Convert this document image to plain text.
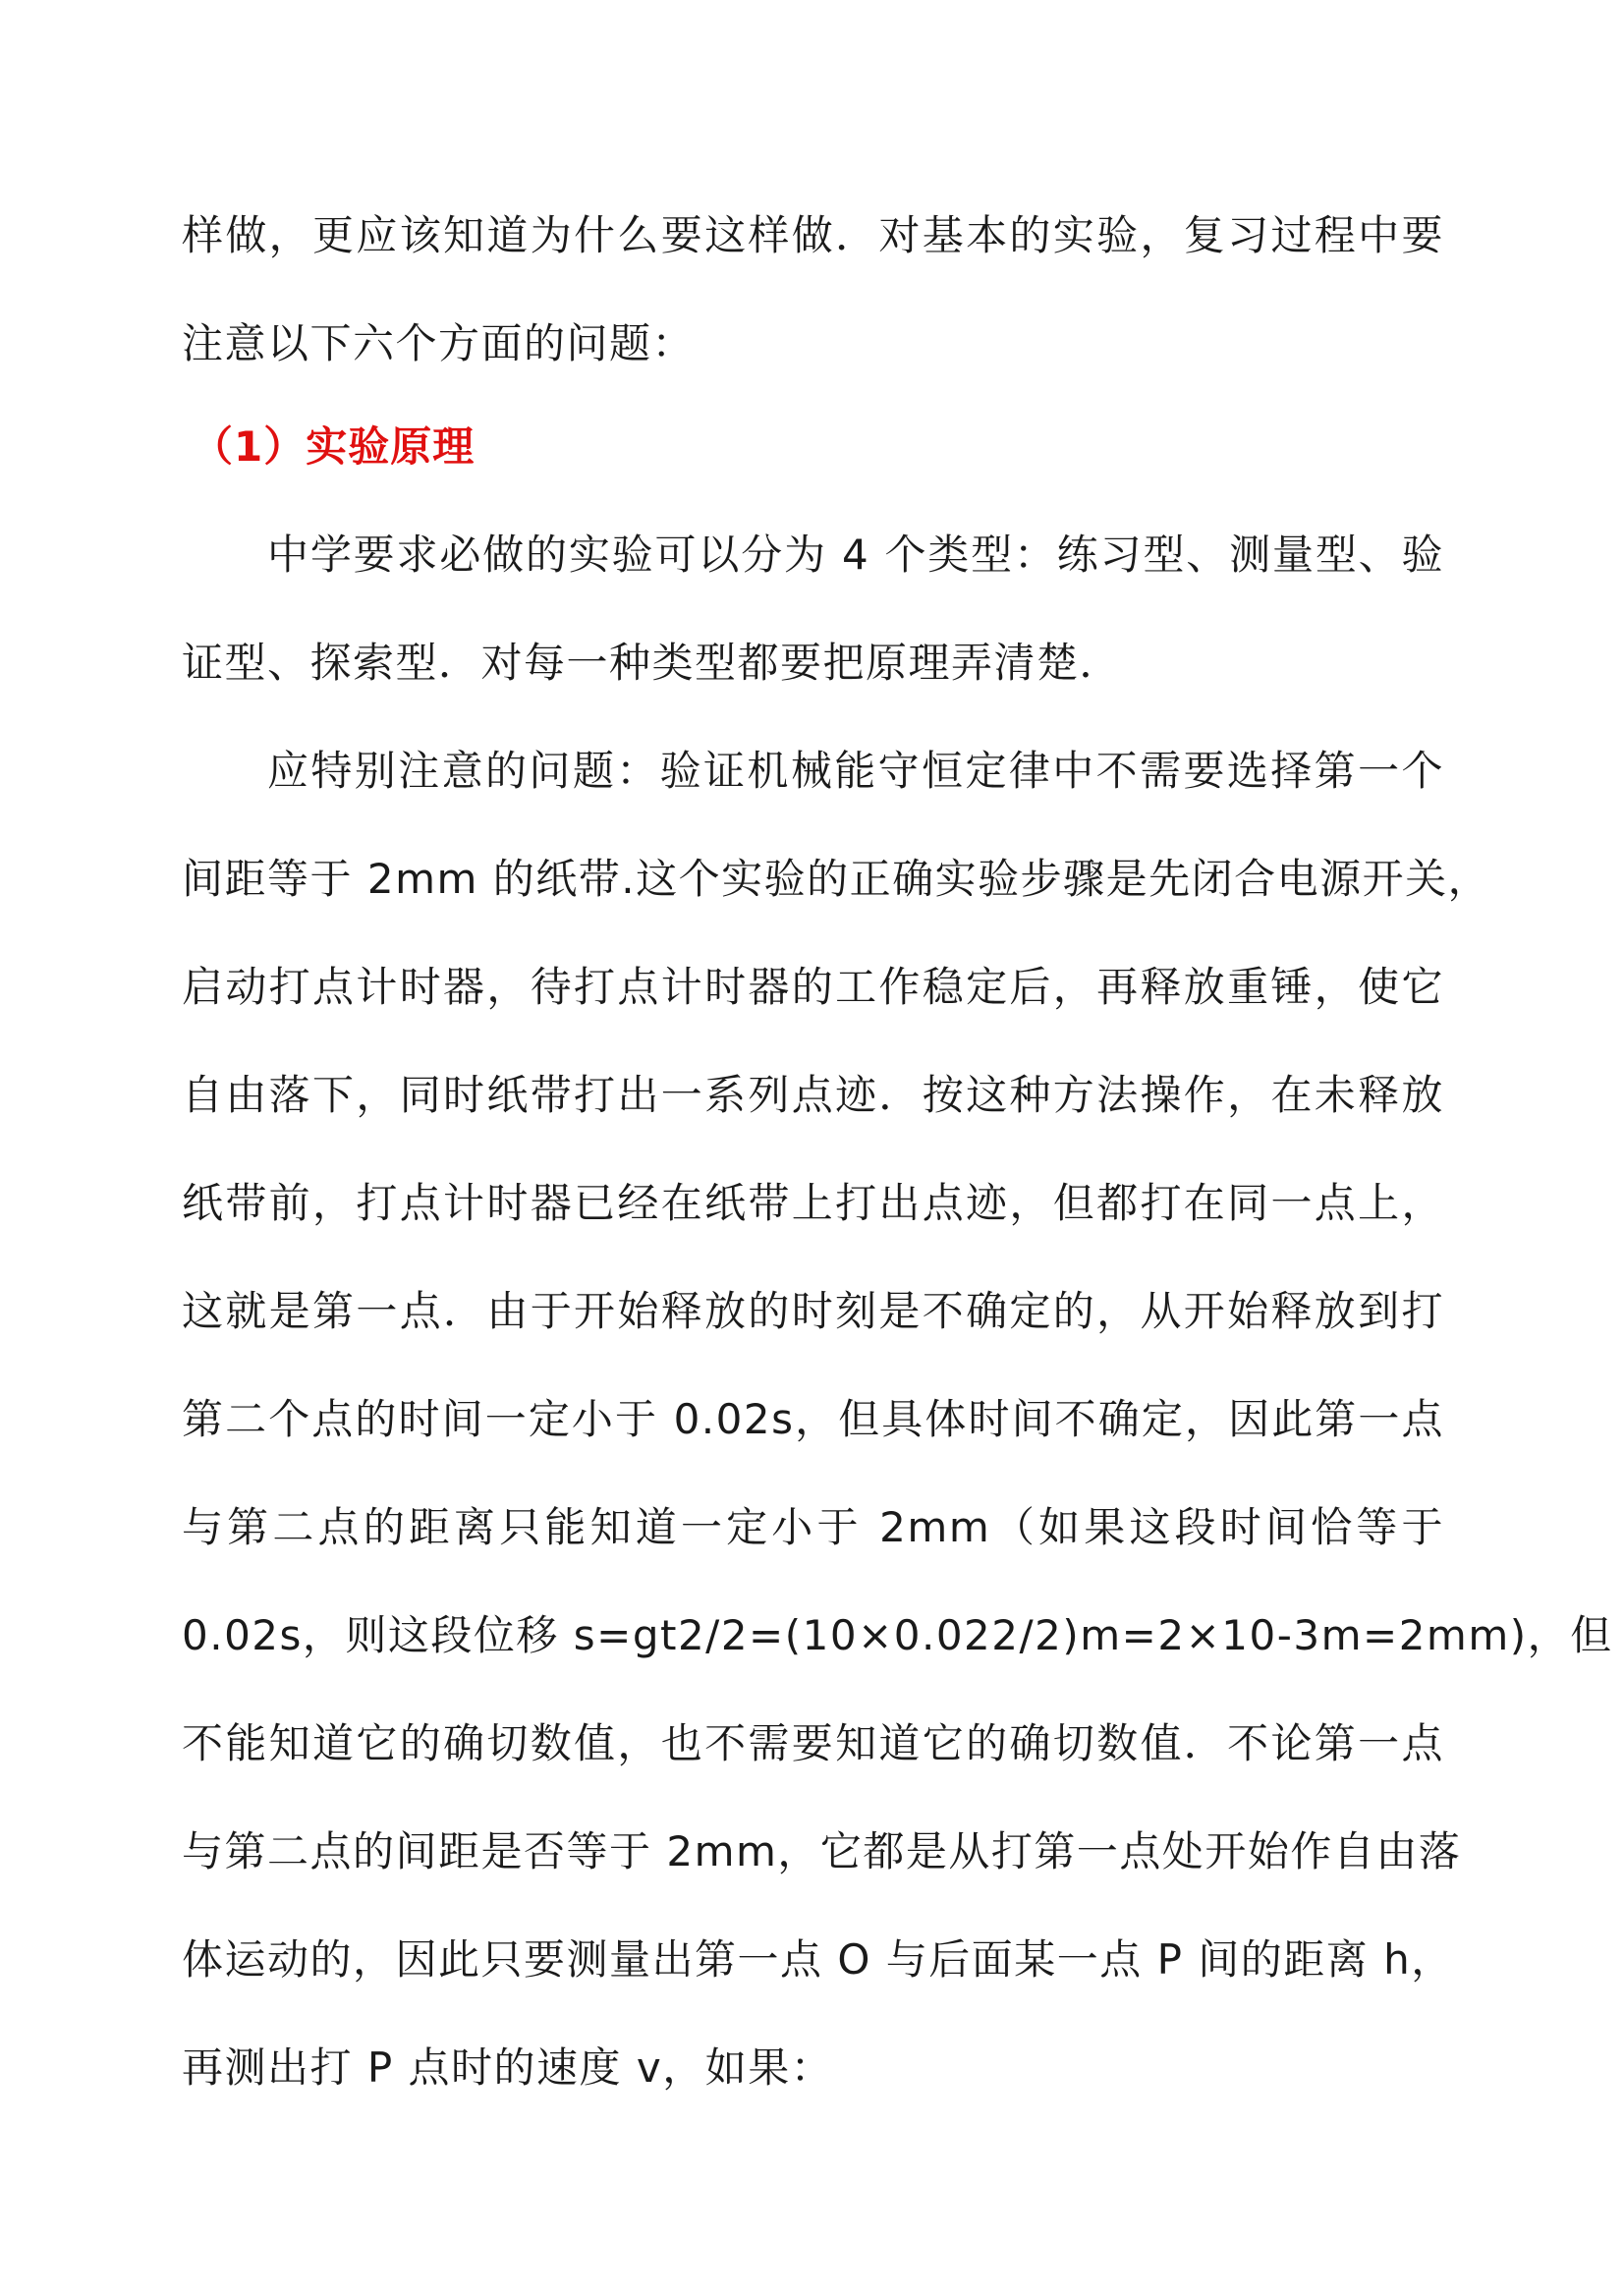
样做，更应该知道为什么要这样做．对基本的实验，复习过程中要
注意以下六个方面的问题：
（1）实验原理
中学要求必做的实验可以分为 4 个类型：练习型、测量型、验
证型、探索型．对每一种类型都要把原理弄清楚．
应特别注意的问题：验证机械能守恒定律中不需要选择第一个
间距等于 2mm 的纸带.这个实验的正确实验步骤是先闭合电源开关，
启动打点计时器，待打点计时器的工作稳定后，再释放重锤，使它
自由落下，同时纸带打出一系列点迹．按这种方法操作，在未释放
纸带前，打点计时器已经在纸带上打出点迹，但都打在同一点上，
这就是第一点．由于开始释放的时刻是不确定的，从开始释放到打
第二个点的时间一定小于 0.02s，但具体时间不确定，因此第一点
与第二点的距离只能知道一定小于 2mm（如果这段时间恰等于
0.02s，则这段位移 s=gt2/2=(10×0.022/2)m=2×10-3m=2mm)，但
不能知道它的确切数值，也不需要知道它的确切数值．不论第一点
与第二点的间距是否等于 2mm，它都是从打第一点处开始作自由落
体运动的，因此只要测量出第一点 O 与后面某一点 P 间的距离 h，
再测出打 P 点时的速度 v，如果：
